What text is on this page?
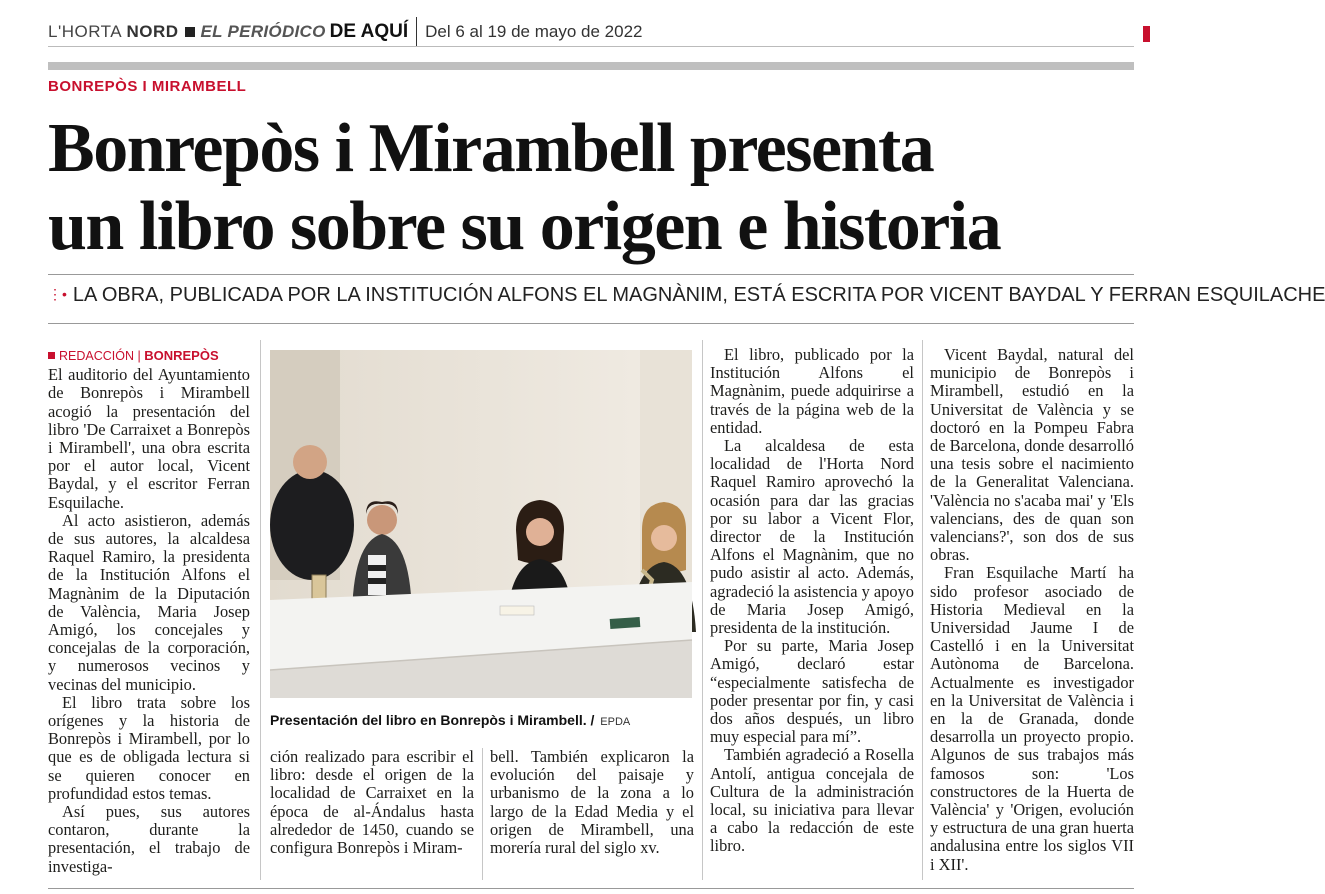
L'HORTA NORD EL PERIÓDICO DE AQUÍ Del 6 al 19 de mayo de 2022
BONREPÒS I MIRAMBELL
Bonrepòs i Mirambell presenta
un libro sobre su origen e historia
⋮• LA OBRA, PUBLICADA POR LA INSTITUCIÓN ALFONS EL MAGNÀNIM, ESTÁ ESCRITA POR VICENT BAYDAL Y FERRAN ESQUILACHE
REDACCIÓN | BONREPÒS

El auditorio del Ayuntamiento de Bonrepòs i Mirambell acogió la presentación del libro 'De Carraixet a Bonrepòs i Mirambell', una obra escrita por el autor local, Vicent Baydal, y el escritor Ferran Esquilache.

Al acto asistieron, además de sus autores, la alcaldesa Raquel Ramiro, la presidenta de la Institución Alfons el Magnànim de la Diputación de València, Maria Josep Amigó, los concejales y concejalas de la corporación, y numerosos vecinos y vecinas del municipio.

El libro trata sobre los orígenes y la historia de Bonrepòs i Mirambell, por lo que es de obligada lectura si se quieren conocer en profundidad estos temas.

Así pues, sus autores contaron, durante la presentación, el trabajo de investiga-

Presentación del libro en Bonrepòs i Mirambell. / EPDA

ción realizado para escribir el libro: desde el origen de la localidad de Carraixet en la época de al-Ándalus hasta alrededor de 1450, cuando se configura Bonrepòs i Miram-

bell. También explicaron la evolución del paisaje y urbanismo de la zona a lo largo de la Edad Media y el origen de Mirambell, una morería rural del siglo xv.

El libro, publicado por la Institución Alfons el Magnànim, puede adquirirse a través de la página web de la entidad.

La alcaldesa de esta localidad de l'Horta Nord Raquel Ramiro aprovechó la ocasión para dar las gracias por su labor a Vicent Flor, director de la Institución Alfons el Magnànim, que no pudo asistir al acto. Además, agradeció la asistencia y apoyo de Maria Josep Amigó, presidenta de la institución.

Por su parte, Maria Josep Amigó, declaró estar “especialmente satisfecha de poder presentar por fin, y casi dos años después, un libro muy especial para mí”.

También agradeció a Rosella Antolí, antigua concejala de Cultura de la administración local, su iniciativa para llevar a cabo la redacción de este libro.

Vicent Baydal, natural del municipio de Bonrepòs i Mirambell, estudió en la Universitat de València y se doctoró en la Pompeu Fabra de Barcelona, donde desarrolló una tesis sobre el nacimiento de la Generalitat Valenciana. 'València no s'acaba mai' y 'Els valencians, des de quan son valencians?', son dos de sus obras.

Fran Esquilache Martí ha sido profesor asociado de Historia Medieval en la Universidad Jaume I de Castelló i en la Universitat Autònoma de Barcelona. Actualmente es investigador en la Universitat de València i en la de Granada, donde desarrolla un proyecto propio. Algunos de sus trabajos más famosos son: 'Los constructores de la Huerta de València' y 'Origen, evolución y estructura de una gran huerta andalusina entre los siglos VII i XII'.
